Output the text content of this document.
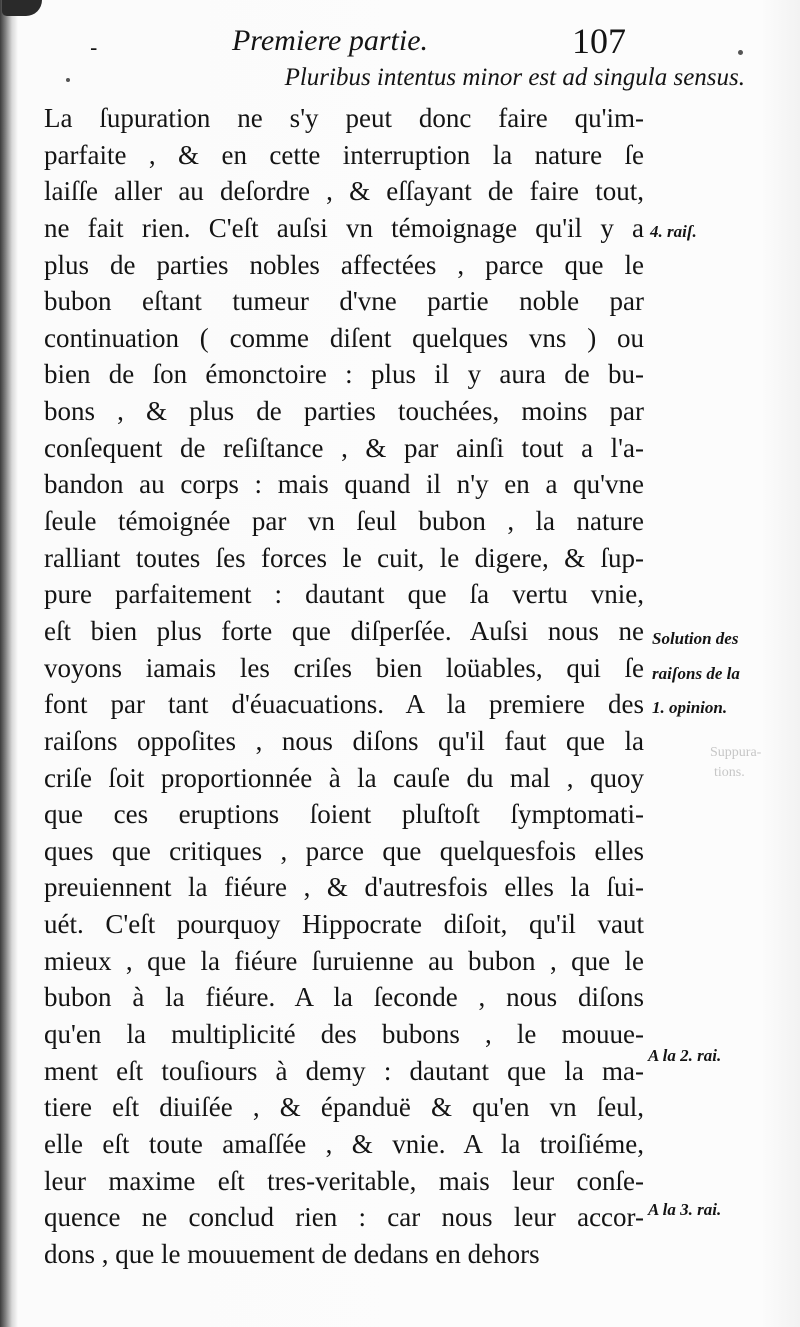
-	Premiere partie.	107
Pluribus intentus minor est ad singula sensus.
La ſupuration ne s'y peut donc faire qu'im-
parfaite , & en cette interruption la nature ſe
laiſſe aller au deſordre , & eſſayant de faire tout,
ne fait rien. C'eſt auſsi vn témoignage qu'il y a
plus de parties nobles affectées , parce que le
bubon eſtant tumeur d'vne partie noble par
continuation ( comme diſent quelques vns ) ou
bien de ſon émonctoire : plus il y aura de bu-
bons , & plus de parties touchées, moins par
conſequent de reſiſtance , & par ainſi tout a l'a-
bandon au corps : mais quand il n'y en a qu'vne
ſeule témoignée par vn ſeul bubon , la nature
ralliant toutes ſes forces le cuit, le digere, & ſup-
pure parfaitement : dautant que ſa vertu vnie,
eſt bien plus forte que diſperſée. Auſsi nous ne
voyons iamais les criſes bien loüables, qui ſe
font par tant d'éuacuations. A la premiere des
raiſons oppoſites , nous diſons qu'il faut que la
criſe ſoit proportionnée à la cauſe du mal , quoy
que ces eruptions ſoient pluſtoſt ſymptomati-
ques que critiques , parce que quelquesfois elles
preuiennent la fiéure , & d'autresfois elles la ſui-
uét. C'eſt pourquoy Hippocrate diſoit, qu'il vaut
mieux , que la fiéure ſuruienne au bubon , que le
bubon à la fiéure. A la ſeconde , nous diſons
qu'en la multiplicité des bubons , le mouue-
ment eſt touſiours à demy : dautant que la ma-
tiere eſt diuiſée , & épanduë & qu'en vn ſeul,
elle eſt toute amaſſée , & vnie. A la troiſiéme,
leur maxime eſt tres-veritable, mais leur conſe-
quence ne conclud rien : car nous leur accor-
dons , que le mouuement de dedans en dehors
4. raiſ.
Solution des
raiſons de la
1. opinion.
A la 2. rai.
A la 3. rai.
Suppura-
tions.
